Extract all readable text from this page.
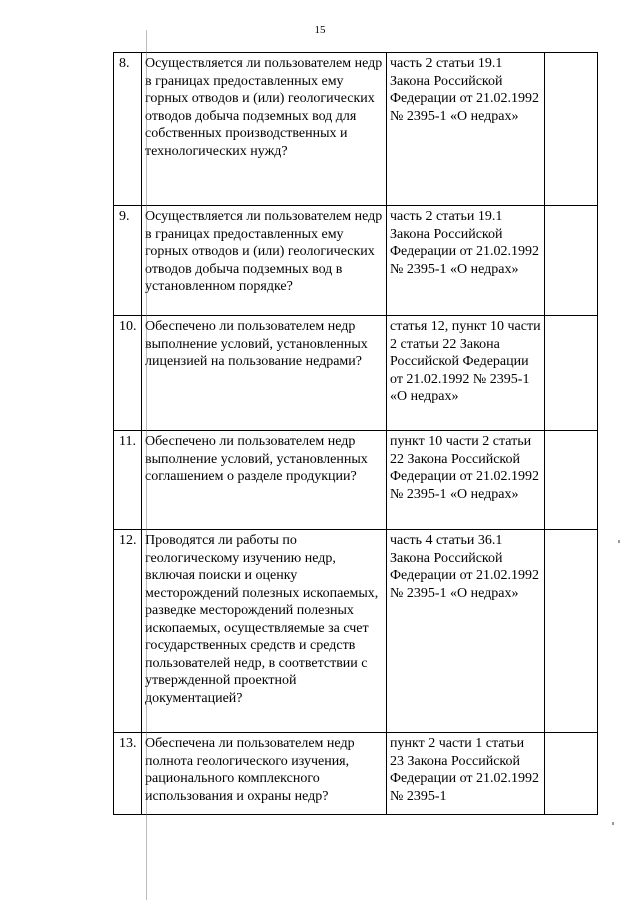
15
8.	Осуществляется ли пользователем недр в границах предоставленных ему горных отводов и (или) геологических отводов добыча подземных вод для собственных производственных и технологических нужд?	часть 2 статьи 19.1 Закона Российской Федерации от 21.02.1992 № 2395-1 «О недрах»	
9.	Осуществляется ли пользователем недр в границах предоставленных ему горных отводов и (или) геологических отводов добыча подземных вод в установленном порядке?	часть 2 статьи 19.1 Закона Российской Федерации от 21.02.1992 № 2395-1 «О недрах»	
10.	Обеспечено ли пользователем недр выполнение условий, установленных лицензией на пользование недрами?	статья 12, пункт 10 части 2 статьи 22 Закона Российской Федерации от 21.02.1992 № 2395-1 «О недрах»	
11.	Обеспечено ли пользователем недр выполнение условий, установленных соглашением о разделе продукции?	пункт 10 части 2 статьи 22 Закона Российской Федерации от 21.02.1992 № 2395-1 «О недрах»	
12.	Проводятся ли работы по геологическому изучению недр, включая поиски и оценку месторождений полезных ископаемых, разведке месторождений полезных ископаемых, осуществляемые за счет государственных средств и средств пользователей недр, в соответствии с утвержденной проектной документацией?	часть 4 статьи 36.1 Закона Российской Федерации от 21.02.1992 № 2395-1 «О недрах»	
13.	Обеспечена ли пользователем недр полнота геологического изучения, рационального комплексного использования и охраны недр?	пункт 2 части 1 статьи 23 Закона Российской Федерации от 21.02.1992 № 2395-1	
